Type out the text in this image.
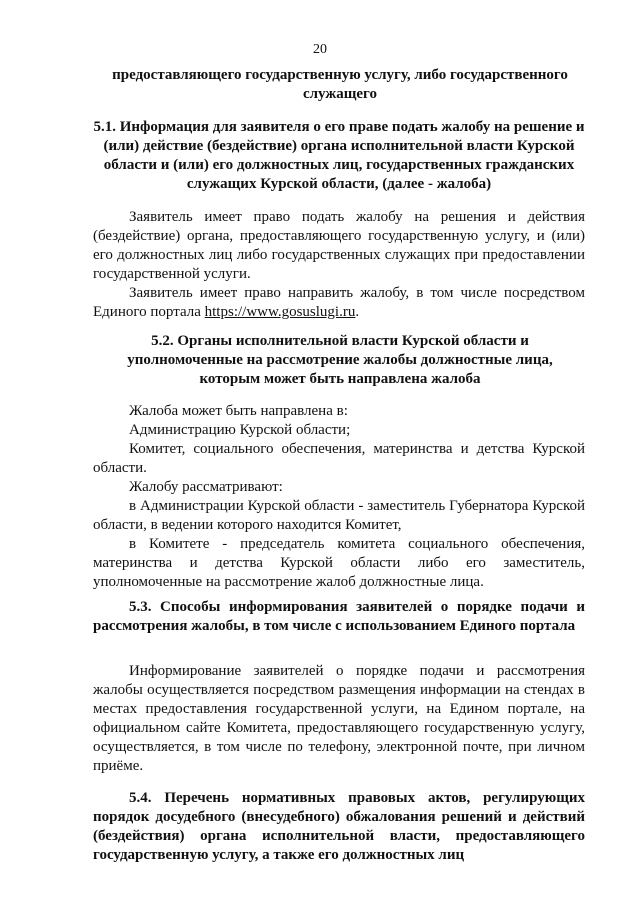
20

предоставляющего государственную услугу, либо государственного служащего

5.1. Информация для заявителя о его праве подать жалобу на решение и (или) действие (бездействие) органа исполнительной власти Курской области и (или) его должностных лиц, государственных гражданских служащих Курской области, (далее - жалоба)

Заявитель имеет право подать жалобу на решения и действия (бездействие) органа, предоставляющего государственную услугу, и (или) его должностных лиц либо государственных служащих при предоставлении государственной услуги.

Заявитель имеет право направить жалобу, в том числе посредством Единого портала https://www.gosuslugi.ru.

5.2. Органы исполнительной власти Курской области и уполномоченные на рассмотрение жалобы должностные лица, которым может быть направлена жалоба

Жалоба может быть направлена в:

Администрацию Курской области;

Комитет, социального обеспечения, материнства и детства Курской области.

Жалобу рассматривают:

в Администрации Курской области - заместитель Губернатора Курской области, в ведении которого находится Комитет,

в Комитете - председатель комитета социального обеспечения, материнства и детства Курской области либо его заместитель, уполномоченные на рассмотрение жалоб должностные лица.

5.3. Способы информирования заявителей о порядке подачи и рассмотрения жалобы, в том числе с использованием Единого портала

Информирование заявителей о порядке подачи и рассмотрения жалобы осуществляется посредством размещения информации на стендах в местах предоставления государственной услуги, на Едином портале, на официальном сайте Комитета, предоставляющего государственную услугу, осуществляется, в том числе по телефону, электронной почте, при личном приёме.

5.4. Перечень нормативных правовых актов, регулирующих порядок досудебного (внесудебного) обжалования решений и действий (бездействия) органа исполнительной власти, предоставляющего государственную услугу, а также его должностных лиц
